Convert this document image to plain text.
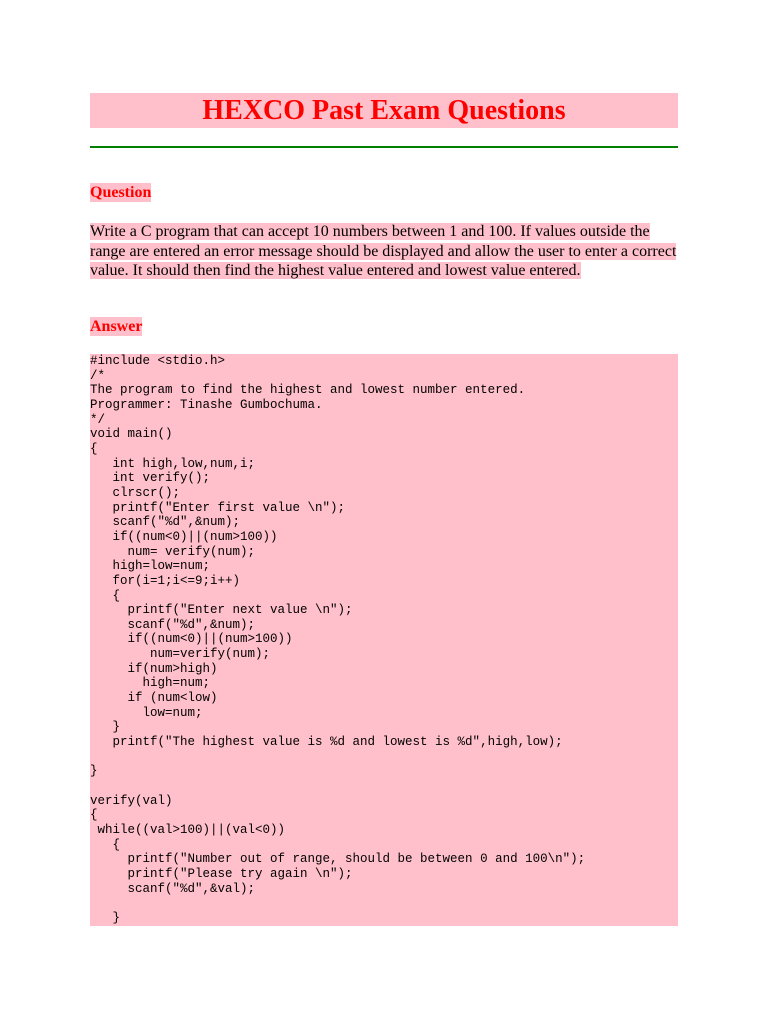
HEXCO Past Exam Questions
Question
Write a C program that can accept 10 numbers between 1 and 100. If values outside the range are entered an error message should be displayed and allow the user to enter a correct value. It should then find the highest value entered and lowest value entered.
Answer
#include <stdio.h>
/*
The program to find the highest and lowest number entered.
Programmer: Tinashe Gumbochuma.
*/
void main()
{
int high,low,num,i;
int verify();
clrscr();
printf("Enter first value \n");
scanf("%d",&num);
if((num<0)||(num>100))
num= verify(num);
high=low=num;
for(i=1;i<=9;i++)
{
printf("Enter next value \n");
scanf("%d",&num);
if((num<0)||(num>100))
num=verify(num);
if(num>high)
high=num;
if (num<low)
low=num;
}
printf("The highest value is %d and lowest is %d",high,low);

}

verify(val)
{
while((val>100)||(val<0))
{
printf("Number out of range, should be between 0 and 100\n");
printf("Please try again \n");
scanf("%d",&val);

}
